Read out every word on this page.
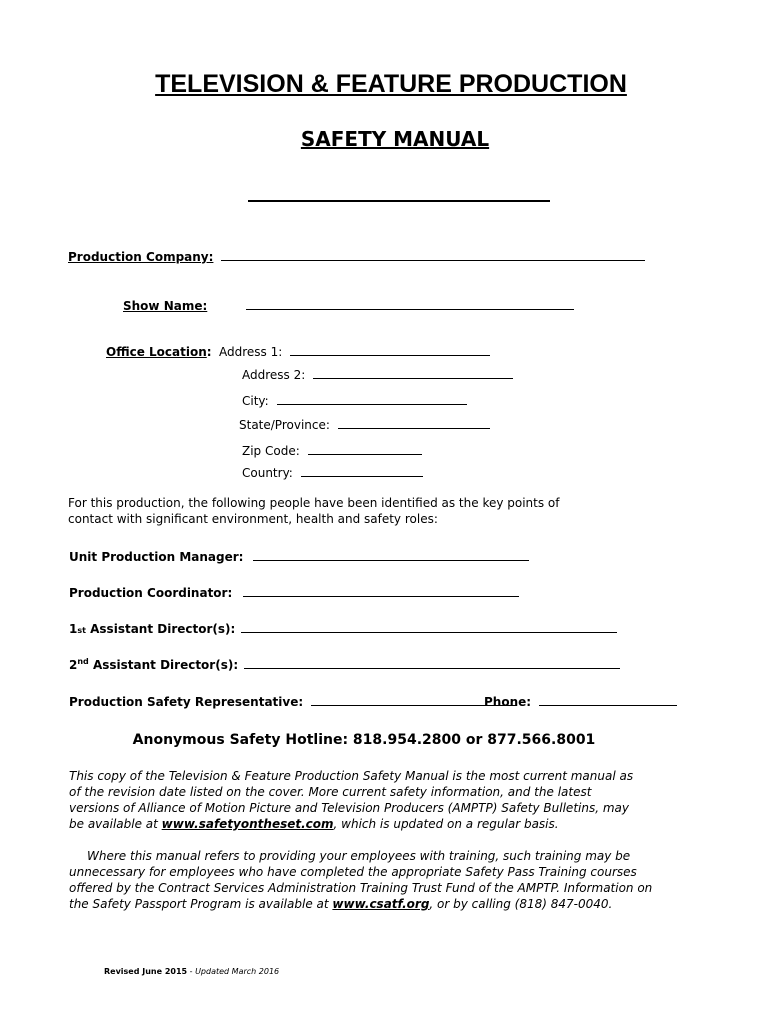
TELEVISION & FEATURE PRODUCTION
SAFETY MANUAL
Production Company:
Show Name:
Office Location: Address 1:
Address 2:
City:
State/Province:
Zip Code:
Country:
For this production, the following people have been identified as the key points of contact with significant environment, health and safety roles:
Unit Production Manager:
Production Coordinator:
1st Assistant Director(s):
2nd Assistant Director(s):
Production Safety Representative:	Phone:
Anonymous Safety Hotline: 818.954.2800 or 877.566.8001
This copy of the Television & Feature Production Safety Manual is the most current manual as of the revision date listed on the cover. More current safety information, and the latest versions of Alliance of Motion Picture and Television Producers (AMPTP) Safety Bulletins, may be available at www.safetyontheset.com, which is updated on a regular basis.
Where this manual refers to providing your employees with training, such training may be unnecessary for employees who have completed the appropriate Safety Pass Training courses offered by the Contract Services Administration Training Trust Fund of the AMPTP. Information on the Safety Passport Program is available at www.csatf.org, or by calling (818) 847-0040.
Revised June 2015 - Updated March 2016
